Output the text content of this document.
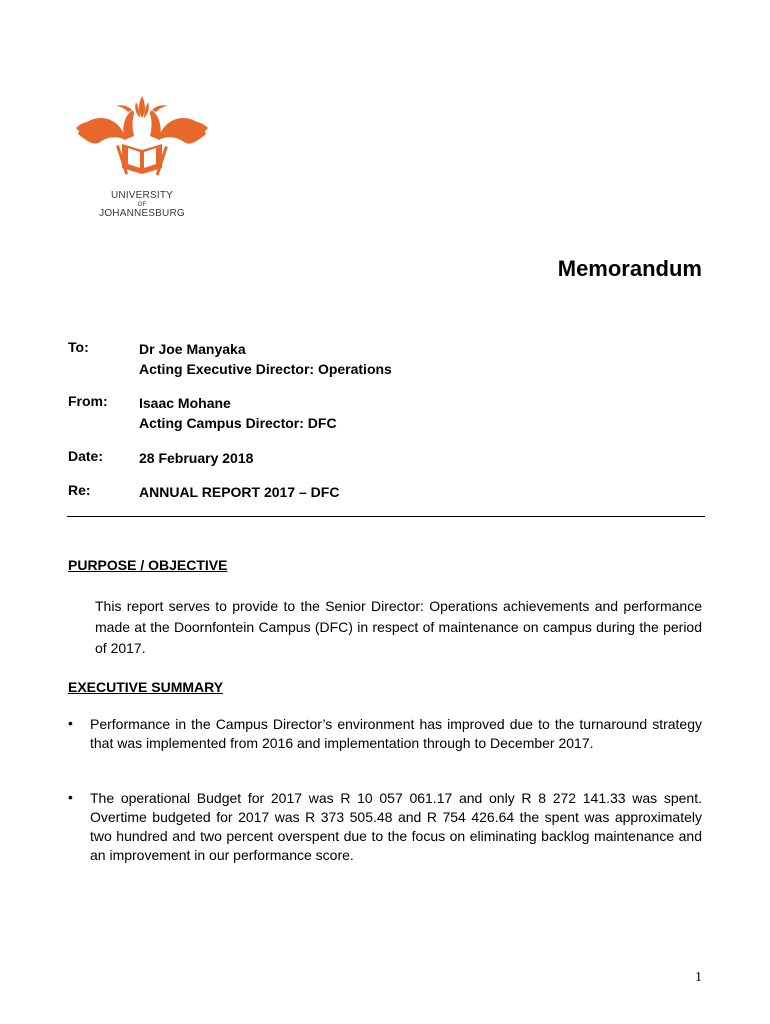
UNIVERSITY
OF
JOHANNESBURG
Memorandum
To:	Dr Joe Manyaka
Acting Executive Director: Operations
From:	Isaac Mohane
Acting Campus Director: DFC
Date:	28 February 2018
Re:	ANNUAL REPORT 2017 – DFC
PURPOSE / OBJECTIVE
This report serves to provide to the Senior Director: Operations achievements and performance made at the Doornfontein Campus (DFC) in respect of maintenance on campus during the period of 2017.
EXECUTIVE SUMMARY
•	Performance in the Campus Director’s environment has improved due to the turnaround strategy that was implemented from 2016 and implementation through to December 2017.
•	The operational Budget for 2017 was R 10 057 061.17 and only R 8 272 141.33 was spent. Overtime budgeted for 2017 was R 373 505.48 and R 754 426.64 the spent was approximately two hundred and two percent overspent due to the focus on eliminating backlog maintenance and an improvement in our performance score.
1
